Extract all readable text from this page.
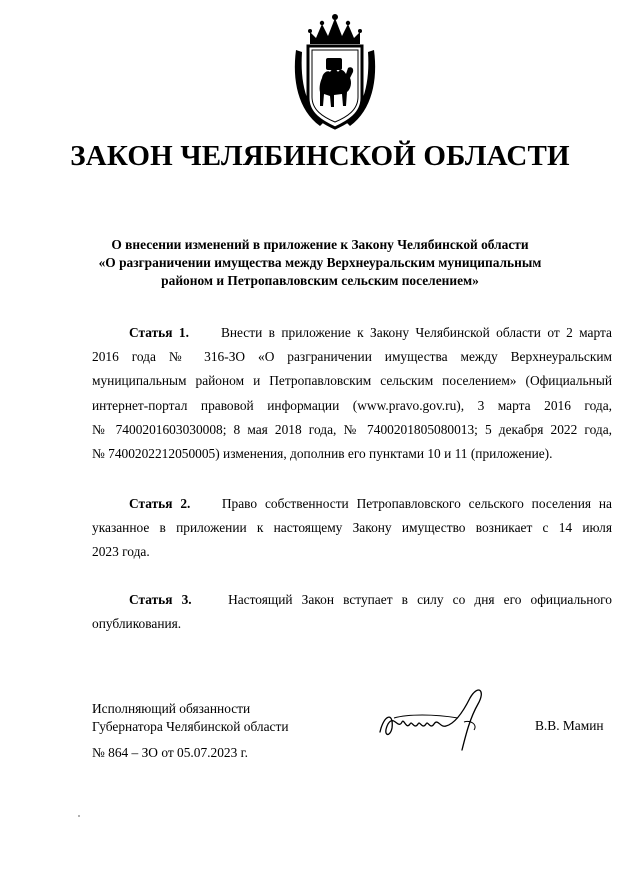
ЗАКОН ЧЕЛЯБИНСКОЙ ОБЛАСТИ
О внесении изменений в приложение к Закону Челябинской области
«О разграничении имущества между Верхнеуральским муниципальным
районом и Петропавловским сельским поселением»
Статья 1. Внести в приложение к Закону Челябинской области от 2 марта
2016 года № 316-ЗО «О разграничении имущества между Верхнеуральским
муниципальным районом и Петропавловским сельским поселением» (Официальный
интернет-портал правовой информации (www.pravo.gov.ru), 3 марта 2016 года,
№ 7400201603030008; 8 мая 2018 года, № 7400201805080013; 5 декабря 2022 года,
№ 7400202212050005) изменения, дополнив его пунктами 10 и 11 (приложение).
Статья 2. Право собственности Петропавловского сельского поселения на
указанное в приложении к настоящему Закону имущество возникает с 14 июля
2023 года.
Статья 3.	Настоящий Закон вступает в силу со дня его официального
опубликования.
Исполняющий обязанности
Губернатора Челябинской области	В.В. Мамин
№ 864 – ЗО от 05.07.2023 г.
